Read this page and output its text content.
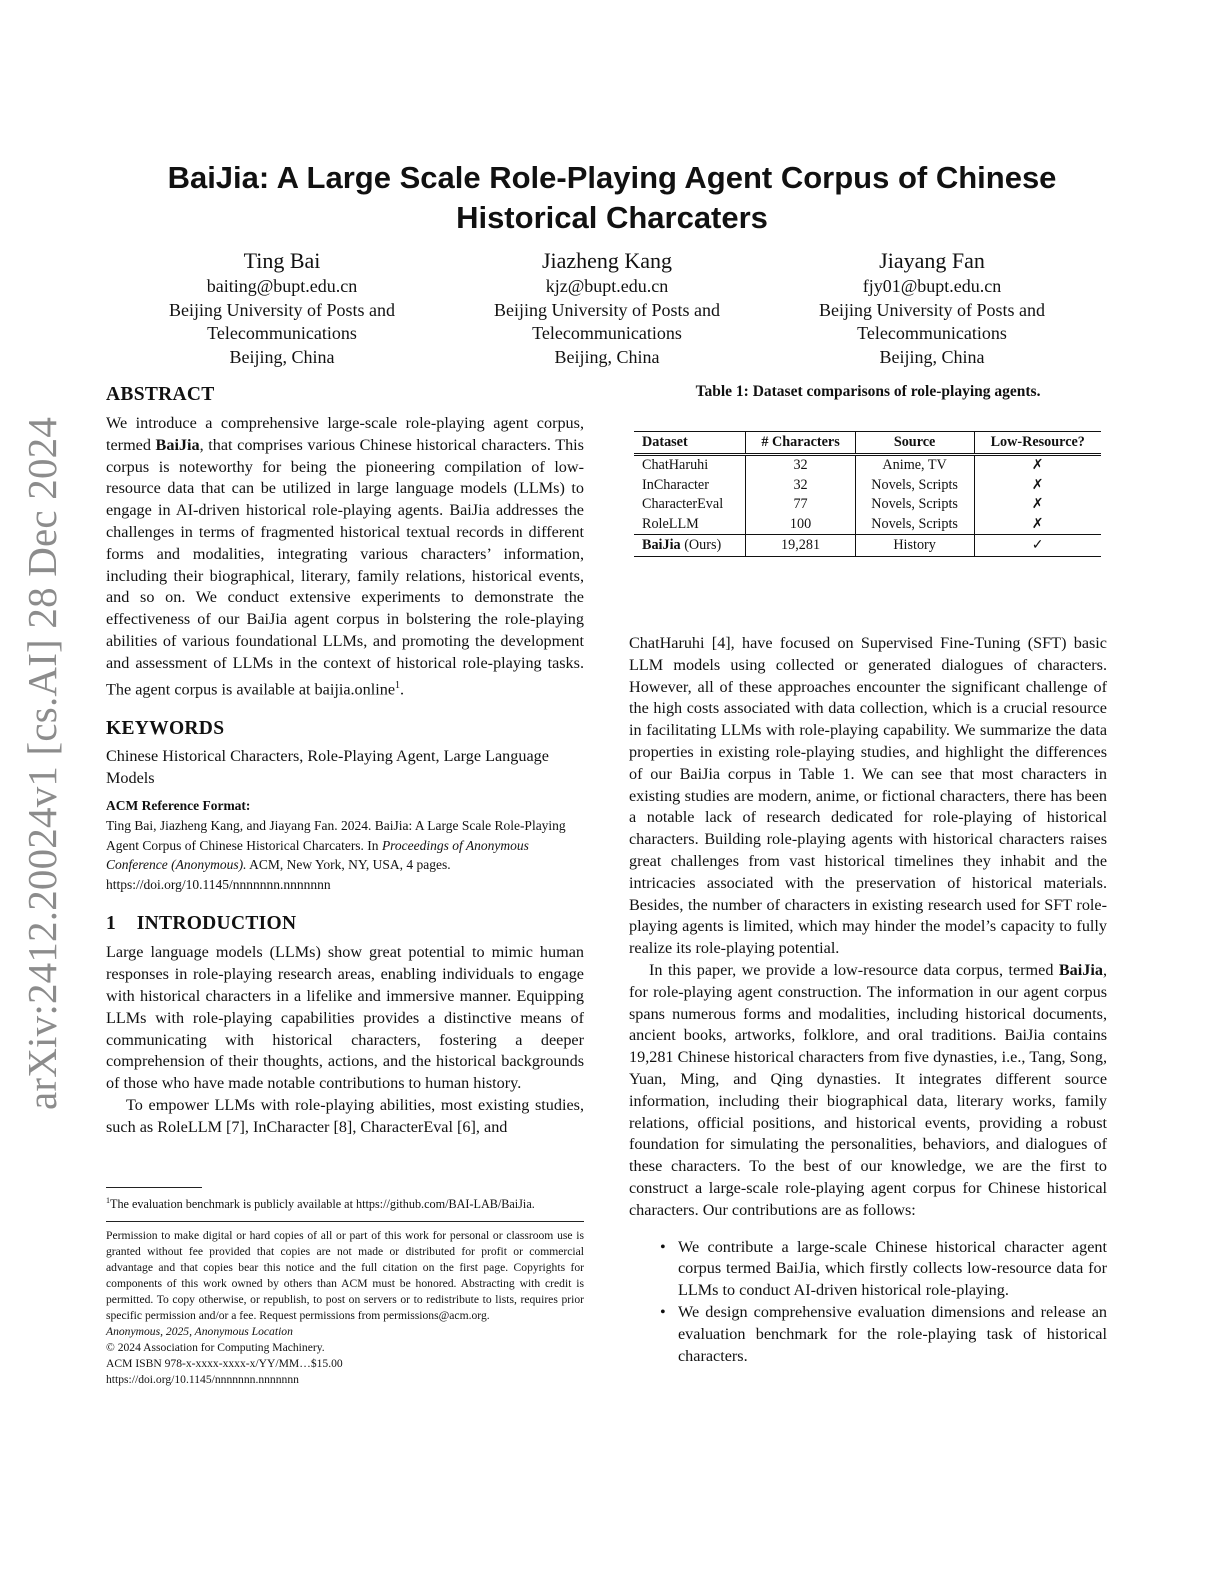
arXiv:2412.20024v1 [cs.AI] 28 Dec 2024
BaiJia: A Large Scale Role-Playing Agent Corpus of Chinese Historical Charcaters
Ting Bai
baiting@bupt.edu.cn
Beijing University of Posts and
Telecommunications
Beijing, China
Jiazheng Kang
kjz@bupt.edu.cn
Beijing University of Posts and
Telecommunications
Beijing, China
Jiayang Fan
fjy01@bupt.edu.cn
Beijing University of Posts and
Telecommunications
Beijing, China
ABSTRACT

We introduce a comprehensive large-scale role-playing agent corpus, termed BaiJia, that comprises various Chinese historical characters. This corpus is noteworthy for being the pioneering compilation of low-resource data that can be utilized in large language models (LLMs) to engage in AI-driven historical role-playing agents. BaiJia addresses the challenges in terms of fragmented historical textual records in different forms and modalities, integrating various characters’ information, including their biographical, literary, family relations, historical events, and so on. We conduct extensive experiments to demonstrate the effectiveness of our BaiJia agent corpus in bolstering the role-playing abilities of various foundational LLMs, and promoting the development and assessment of LLMs in the context of historical role-playing tasks. The agent corpus is available at baijia.online$^1$.

KEYWORDS

Chinese Historical Characters, Role-Playing Agent, Large Language Models

ACM Reference Format:

Ting Bai, Jiazheng Kang, and Jiayang Fan. 2024. BaiJia: A Large Scale Role-Playing Agent Corpus of Chinese Historical Charcaters. In Proceedings of Anonymous Conference (Anonymous). ACM, New York, NY, USA, 4 pages. https://doi.org/10.1145/nnnnnnn.nnnnnnn

1    INTRODUCTION

Large language models (LLMs) show great potential to mimic human responses in role-playing research areas, enabling individuals to engage with historical characters in a lifelike and immersive manner. Equipping LLMs with role-playing capabilities provides a distinctive means of communicating with historical characters, fostering a deeper comprehension of their thoughts, actions, and the historical backgrounds of those who have made notable contributions to human history.

To empower LLMs with role-playing abilities, most existing studies, such as RoleLLM [7], InCharacter [8], CharacterEval [6], and

$^1$The evaluation benchmark is publicly available at https://github.com/BAI-LAB/BaiJia.
Permission to make digital or hard copies of all or part of this work for personal or classroom use is granted without fee provided that copies are not made or distributed for profit or commercial advantage and that copies bear this notice and the full citation on the first page. Copyrights for components of this work owned by others than ACM must be honored. Abstracting with credit is permitted. To copy otherwise, or republish, to post on servers or to redistribute to lists, requires prior specific permission and/or a fee. Request permissions from permissions@acm.org.
Anonymous, 2025, Anonymous Location
© 2024 Association for Computing Machinery.
ACM ISBN 978-x-xxxx-xxxx-x/YY/MM…$15.00
https://doi.org/10.1145/nnnnnnn.nnnnnnn
Table 1: Dataset comparisons of role-playing agents.
Dataset	# Characters	Source	Low-Resource?
ChatHaruhi	32	Anime, TV	✗
InCharacter	32	Novels, Scripts	✗
CharacterEval	77	Novels, Scripts	✗
RoleLLM	100	Novels, Scripts	✗
BaiJia (Ours)	19,281	History	✓

ChatHaruhi [4], have focused on Supervised Fine-Tuning (SFT) basic LLM models using collected or generated dialogues of characters. However, all of these approaches encounter the significant challenge of the high costs associated with data collection, which is a crucial resource in facilitating LLMs with role-playing capability. We summarize the data properties in existing role-playing studies, and highlight the differences of our BaiJia corpus in Table 1. We can see that most characters in existing studies are modern, anime, or fictional characters, there has been a notable lack of research dedicated for role-playing of historical characters. Building role-playing agents with historical characters raises great challenges from vast historical timelines they inhabit and the intricacies associated with the preservation of historical materials. Besides, the number of characters in existing research used for SFT role-playing agents is limited, which may hinder the model’s capacity to fully realize its role-playing potential.

In this paper, we provide a low-resource data corpus, termed BaiJia, for role-playing agent construction. The information in our agent corpus spans numerous forms and modalities, including historical documents, ancient books, artworks, folklore, and oral traditions. BaiJia contains 19,281 Chinese historical characters from five dynasties, i.e., Tang, Song, Yuan, Ming, and Qing dynasties. It integrates different source information, including their biographical data, literary works, family relations, official positions, and historical events, providing a robust foundation for simulating the personalities, behaviors, and dialogues of these characters. To the best of our knowledge, we are the first to construct a large-scale role-playing agent corpus for Chinese historical characters. Our contributions are as follows:

• We contribute a large-scale Chinese historical character agent corpus termed BaiJia, which firstly collects low-resource data for LLMs to conduct AI-driven historical role-playing.
• We design comprehensive evaluation dimensions and release an evaluation benchmark for the role-playing task of historical characters.
